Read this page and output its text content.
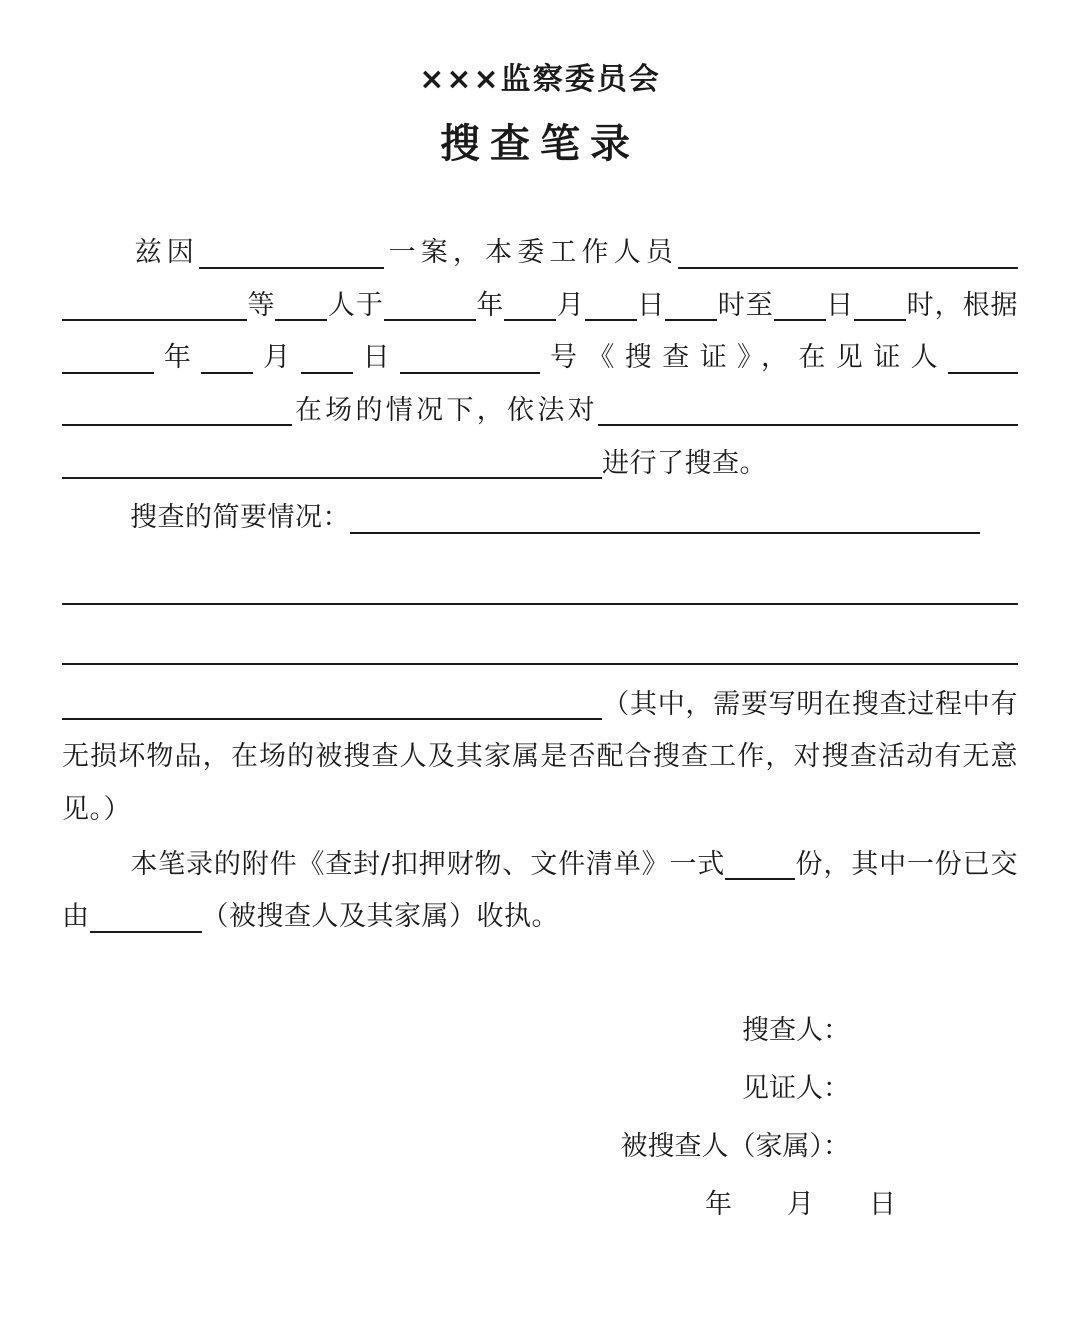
×××监察委员会
搜查笔录

兹因	一案，本委工作人员等 人于	年 月 日 时至 日 时，根据年 月 日	号《搜查证》，在见证人在场的情况下，依法对进行了搜查。

搜查的简要情况：

（其中，需要写明在搜查过程中有无损坏物品，在场的被搜查人及其家属是否配合搜查工作，对搜查活动有无意见。）

本笔录的附件《查封/扣押财物、文件清单》一式	份，其中一份已交由	（被搜查人及其家属）收执。

搜查人：
见证人：
被搜查人（家属）：
年　月　日
